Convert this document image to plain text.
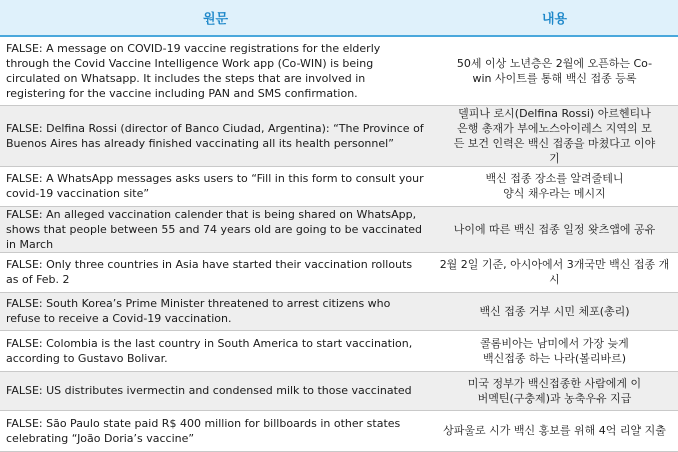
원문	내용
FALSE: A message on COVID-19 vaccine registrations for the elderly through the Covid Vaccine Intelligence Work app (Co-WIN) is being circulated on Whatsapp. It includes the steps that are involved in registering for the vaccine including PAN and SMS confirmation.	50세 이상 노년층은 2월에 오픈하는 Co-win 사이트를 통해 백신 접종 등록
FALSE: Delfina Rossi (director of Banco Ciudad, Argentina): “The Province of Buenos Aires has already finished vaccinating all its health personnel”	델피나 로시(Delfina Rossi) 아르헨티나 은행 총재가 부에노스아이레스 지역의 모든 보건 인력은 백신 접종을 마쳤다고 이야기
FALSE: A WhatsApp messages asks users to “Fill in this form to consult your covid-19 vaccination site”	백신 접종 장소를 알려줄테니 양식 채우라는 메시지
FALSE: An alleged vaccination calender that is being shared on WhatsApp, shows that people between 55 and 74 years old are going to be vaccinated in March	나이에 따른 백신 접종 일정 왓츠앱에 공유
FALSE: Only three countries in Asia have started their vaccination rollouts as of Feb. 2	2월 2일 기준, 아시아에서 3개국만 백신 접종 개시
FALSE: South Korea’s Prime Minister threatened to arrest citizens who refuse to receive a Covid-19 vaccination.	백신 접종 거부 시민 체포(총리)
FALSE: Colombia is the last country in South America to start vaccination, according to Gustavo Bolivar.	콜롬비아는 남미에서 가장 늦게 백신접종 하는 나라(볼리바르)
FALSE: US distributes ivermectin and condensed milk to those vaccinated	미국 정부가 백신접종한 사람에게 이버멕틴(구충제)과 농축우유 지급
FALSE: São Paulo state paid R$ 400 million for billboards in other states celebrating “João Doria’s vaccine”	상파울로 시가 백신 홍보를 위해 4억 리얄 지출
